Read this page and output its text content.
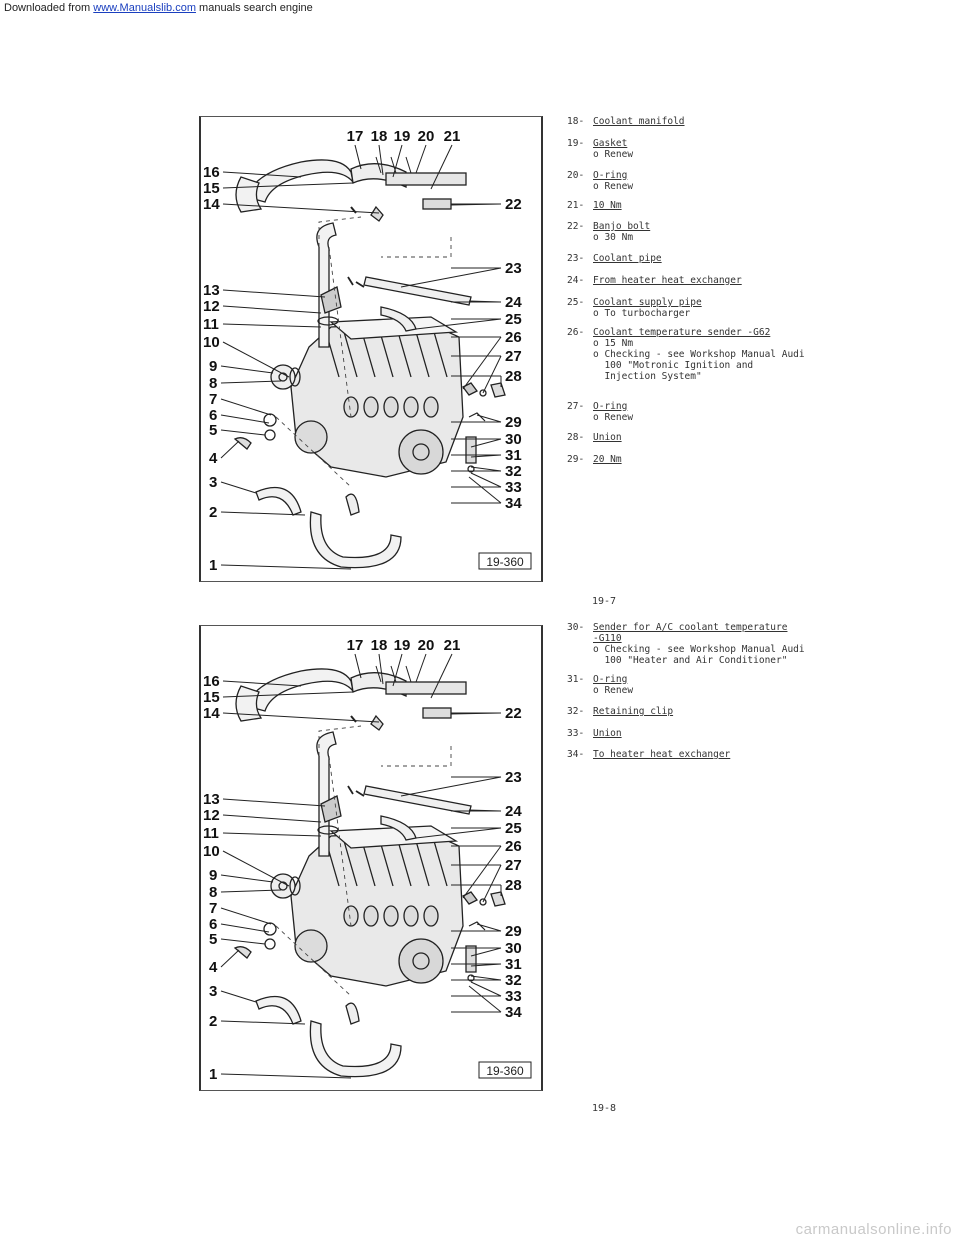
Downloaded from www.Manualslib.com manuals search engine
17 18 19 20 21
16
15
14
13
12
11
10
9
8
7
6
5
4
3
2
1
22
23
24
25
26
27
28
29
30
31
32
33
34
19-360
17 18 19 20 21
16
15
14
13
12
11
10
9
8
7
6
5
4
3
2
1
22
23
24
25
26
27
28
29
30
31
32
33
34
19-360
18- Coolant manifold
19- Gasket
o Renew
20- O-ring
o Renew
21- 10 Nm
22- Banjo bolt
o 30 Nm
23- Coolant pipe
24- From heater heat exchanger
25- Coolant supply pipe
o To turbocharger
26- Coolant temperature sender -G62
o 15 Nm
o Checking - see Workshop Manual Audi
100 "Motronic Ignition and
Injection System"
27- O-ring
o Renew
28- Union
29- 20 Nm
19-7
30- Sender for A/C coolant temperature
-G110
o Checking - see Workshop Manual Audi
100 "Heater and Air Conditioner"
31- O-ring
o Renew
32- Retaining clip
33- Union
34- To heater heat exchanger
19-8
carmanualsonline.info
